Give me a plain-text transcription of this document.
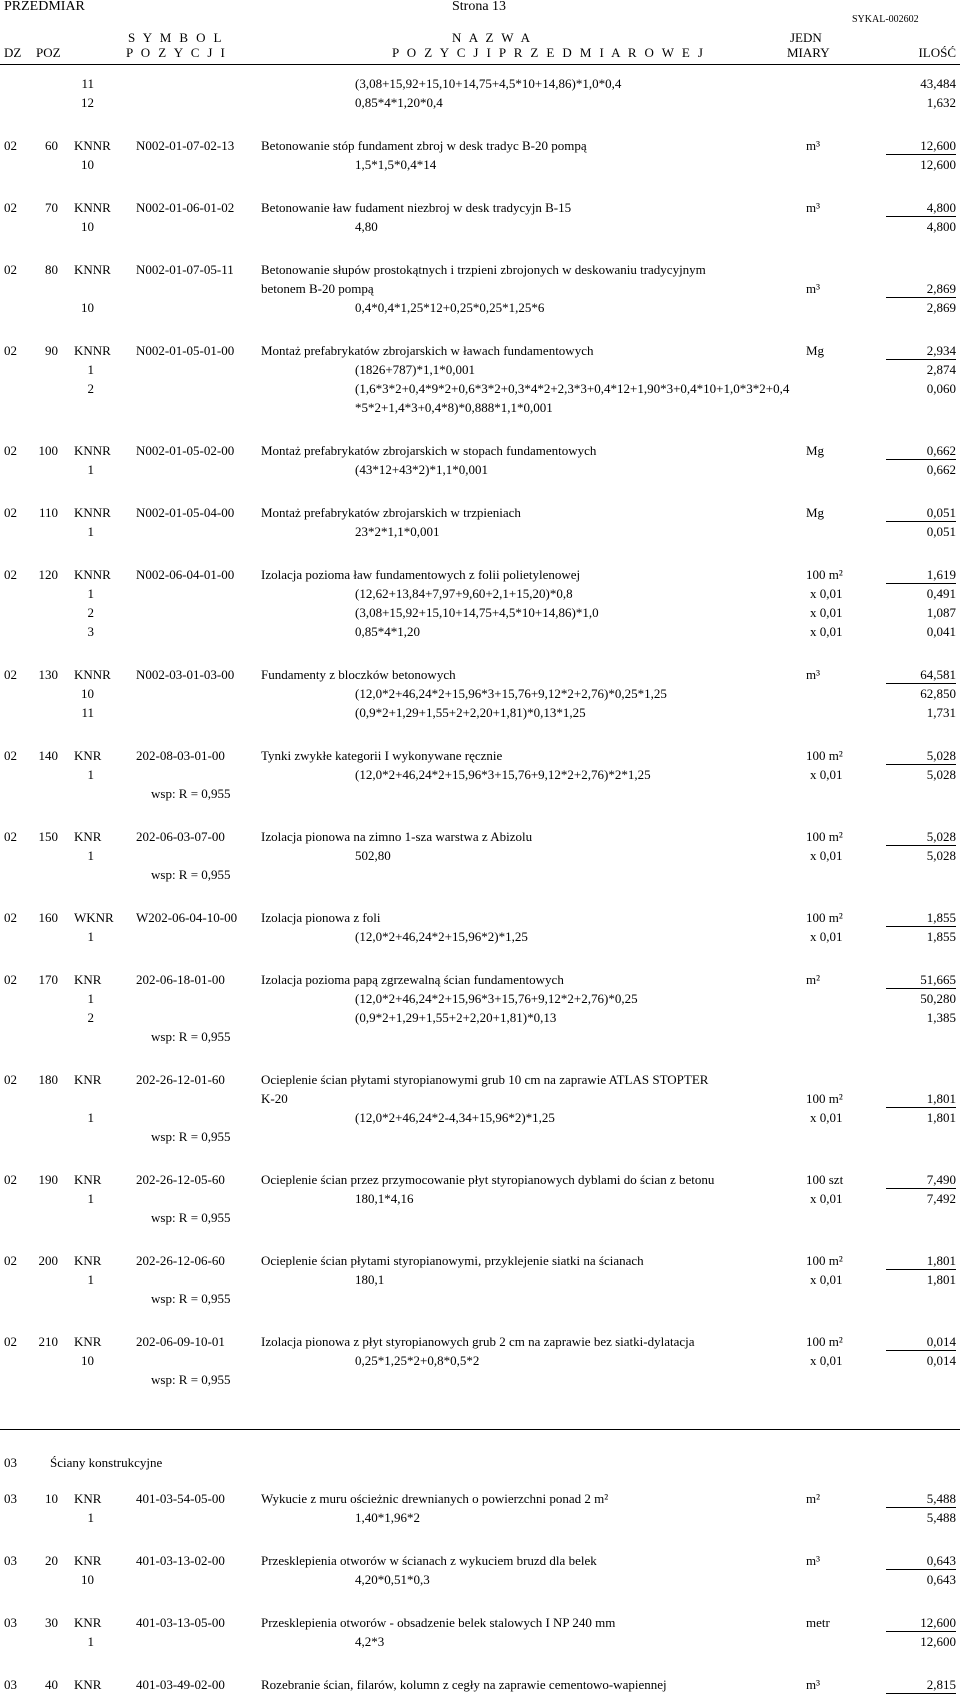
PRZEDMIAR	Strona 13
SYKAL-002602
S Y M B O L
P O Z Y C J I
N A Z W A
P O Z Y C J I P R Z E D M I A R O W E J
DZ POZ
JEDN
MIARY	ILOŚĆ
11	(3,08+15,92+15,10+14,75+4,5*10+14,86)*1,0*0,4	43,484
12	0,85*4*1,20*0,4	1,632
02	60 KNNR N002-01-07-02-13 Betonowanie stóp fundament zbroj w desk tradyc B-20 pompą	m³	12,600
10	1,5*1,5*0,4*14	12,600
02	70 KNNR N002-01-06-01-02 Betonowanie ław fudament niezbroj w desk tradycyjn B-15	m³	4,800
10	4,80	4,800
02	80 KNNR N002-01-07-05-11 Betonowanie słupów prostokątnych i trzpieni zbrojonych w deskowaniu tradycyjnym
betonem B-20 pompą	m³	2,869
10	0,4*0,4*1,25*12+0,25*0,25*1,25*6	2,869
02	90 KNNR N002-01-05-01-00 Montaż prefabrykatów zbrojarskich w ławach fundamentowych	Mg	2,934
1	(1826+787)*1,1*0,001	2,874
2	(1,6*3*2+0,4*9*2+0,6*3*2+0,3*4*2+2,3*3+0,4*12+1,90*3+0,4*10+1,0*3*2+0,4	0,060
*5*2+1,4*3+0,4*8)*0,888*1,1*0,001
02	100 KNNR N002-01-05-02-00 Montaż prefabrykatów zbrojarskich w stopach fundamentowych	Mg	0,662
1	(43*12+43*2)*1,1*0,001	0,662
02	110 KNNR N002-01-05-04-00 Montaż prefabrykatów zbrojarskich w trzpieniach	Mg	0,051
1	23*2*1,1*0,001	0,051
02	120 KNNR N002-06-04-01-00 Izolacja pozioma ław fundamentowych z folii polietylenowej	100 m²	1,619
1	(12,62+13,84+7,97+9,60+2,1+15,20)*0,8	x 0,01	0,491
2	(3,08+15,92+15,10+14,75+4,5*10+14,86)*1,0	x 0,01	1,087
3	0,85*4*1,20	x 0,01	0,041
02	130 KNNR N002-03-01-03-00 Fundamenty z bloczków betonowych	m³	64,581
10	(12,0*2+46,24*2+15,96*3+15,76+9,12*2+2,76)*0,25*1,25	62,850
11	(0,9*2+1,29+1,55+2+2,20+1,81)*0,13*1,25	1,731
02	140 KNR	202-08-03-01-00	Tynki zwykłe kategorii I wykonywane ręcznie	100 m²	5,028
1	(12,0*2+46,24*2+15,96*3+15,76+9,12*2+2,76)*2*1,25	x 0,01	5,028
wsp: R = 0,955
02	150 KNR	202-06-03-07-00	Izolacja pionowa na zimno 1-sza warstwa z Abizolu	100 m²	5,028
1	502,80	x 0,01	5,028
wsp: R = 0,955
02	160 WKNR W202-06-04-10-00 Izolacja pionowa z foli	100 m²	1,855
1	(12,0*2+46,24*2+15,96*2)*1,25	x 0,01	1,855
02	170 KNR	202-06-18-01-00	Izolacja pozioma papą zgrzewalną ścian fundamentowych	m²	51,665
1	(12,0*2+46,24*2+15,96*3+15,76+9,12*2+2,76)*0,25	50,280
2	(0,9*2+1,29+1,55+2+2,20+1,81)*0,13	1,385
wsp: R = 0,955
02	180 KNR	202-26-12-01-60	Ocieplenie ścian płytami styropianowymi grub 10 cm na zaprawie ATLAS STOPTER
K-20	100 m²	1,801
1	(12,0*2+46,24*2-4,34+15,96*2)*1,25	x 0,01	1,801
wsp: R = 0,955
02	190 KNR	202-26-12-05-60	Ocieplenie ścian przez przymocowanie płyt styropianowych dyblami do ścian z betonu	100 szt	7,490
1	180,1*4,16	x 0,01	7,492
wsp: R = 0,955
02	200 KNR	202-26-12-06-60	Ocieplenie ścian płytami styropianowymi, przyklejenie siatki na ścianach	100 m²	1,801
1	180,1	x 0,01	1,801
wsp: R = 0,955
02	210 KNR	202-06-09-10-01	Izolacja pionowa z płyt styropianowych grub 2 cm na zaprawie bez siatki-dylatacja	100 m²	0,014
10	0,25*1,25*2+0,8*0,5*2	x 0,01	0,014
wsp: R = 0,955
03	Ściany konstrukcyjne
03	10 KNR	401-03-54-05-00	Wykucie z muru ościeżnic drewnianych o powierzchni ponad 2 m²	m²	5,488
1	1,40*1,96*2	5,488
03	20 KNR	401-03-13-02-00	Przesklepienia otworów w ścianach z wykuciem bruzd dla belek	m³	0,643
10	4,20*0,51*0,3	0,643
03	30 KNR	401-03-13-05-00	Przesklepienia otworów - obsadzenie belek stalowych I NP 240 mm	metr	12,600
1	4,2*3	12,600
03	40 KNR	401-03-49-02-00	Rozebranie ścian, filarów, kolumn z cegły na zaprawie cementowo-wapiennej	m³	2,815
